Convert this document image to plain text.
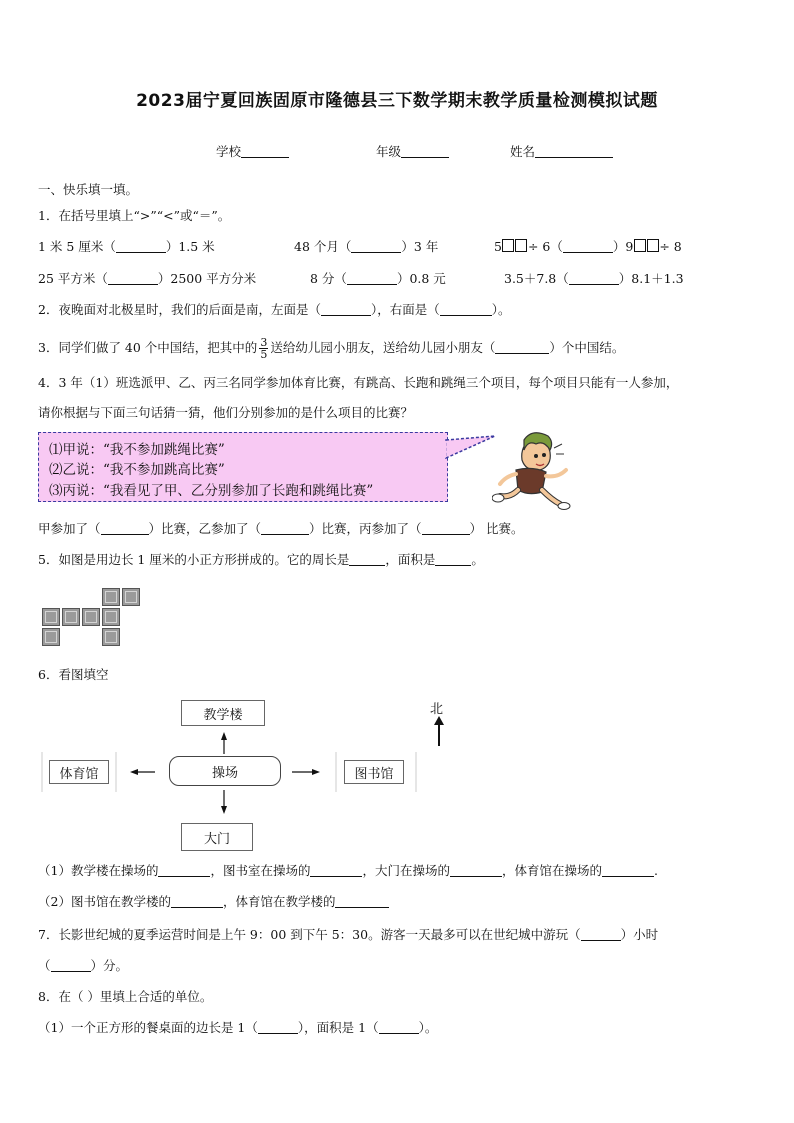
2023届宁夏回族固原市隆德县三下数学期末教学质量检测模拟试题
学校	年级	姓名
一、快乐填一填。
1．在括号里填上“>”“<”或“＝”。
1 米 5 厘米（	）1.5 米	48 个月（	）3 年	5 ÷ 6（	）9 ÷ 8
25 平方米（	）2500 平方分米	8 分（	）0.8 元	3.5＋7.8（	）8.1＋1.3
2．夜晚面对北极星时，我们的后面是南，左面是（	），右面是（	）。
3．同学们做了 40 个中国结，把其中的 $\frac{3}{5}$ 送给幼儿园小朋友，送给幼儿园小朋友（	）个中国结。
4．3 年（1）班选派甲、乙、丙三名同学参加体育比赛，有跳高、长跑和跳绳三个项目，每个项目只能有一人参加，
请你根据与下面三句话猜一猜，他们分别参加的是什么项目的比赛？
⑴甲说：“我不参加跳绳比赛”
⑵乙说：“我不参加跳高比赛”
⑶丙说：“我看见了甲、乙分别参加了长跑和跳绳比赛”
甲参加了（	）比赛，乙参加了（	）比赛，丙参加了（	） 比赛。
5．如图是用边长 1 厘米的小正方形拼成的。它的周长是	，面积是	。
6．看图填空
教学楼
体育馆	操场	图书馆
大门
北
（1）教学楼在操场的	，图书室在操场的	，大门在操场的	，体育馆在操场的	.
（2）图书馆在教学楼的	，体育馆在教学楼的
7．长影世纪城的夏季运营时间是上午 9：00 到下午 5：30。游客一天最多可以在世纪城中游玩（	）小时
（	）分。
8．在（ ）里填上合适的单位。
（1）一个正方形的餐桌面的边长是 1（	），面积是 1（	）。
